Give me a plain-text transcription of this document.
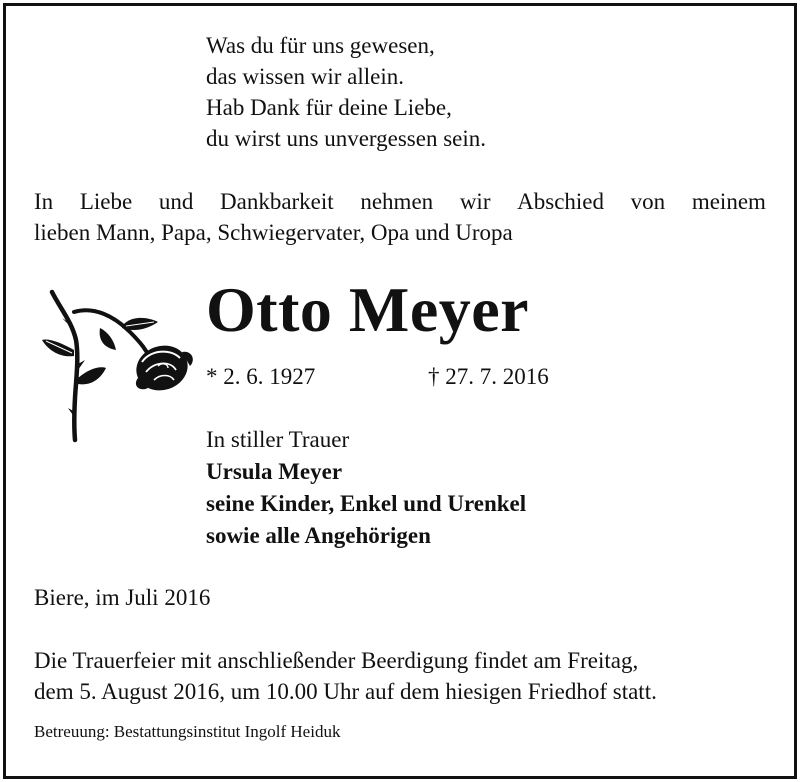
Was du für uns gewesen,
das wissen wir allein.
Hab Dank für deine Liebe,
du wirst uns unvergessen sein.
In Liebe und Dankbarkeit nehmen wir Abschied von meinem
lieben Mann, Papa, Schwiegervater, Opa und Uropa
Otto Meyer
* 2. 6. 1927	† 27. 7. 2016
In stiller Trauer
Ursula Meyer
seine Kinder, Enkel und Urenkel
sowie alle Angehörigen
Biere, im Juli 2016
Die Trauerfeier mit anschließender Beerdigung findet am Freitag,
dem 5. August 2016, um 10.00 Uhr auf dem hiesigen Friedhof statt.
Betreuung: Bestattungsinstitut Ingolf Heiduk
